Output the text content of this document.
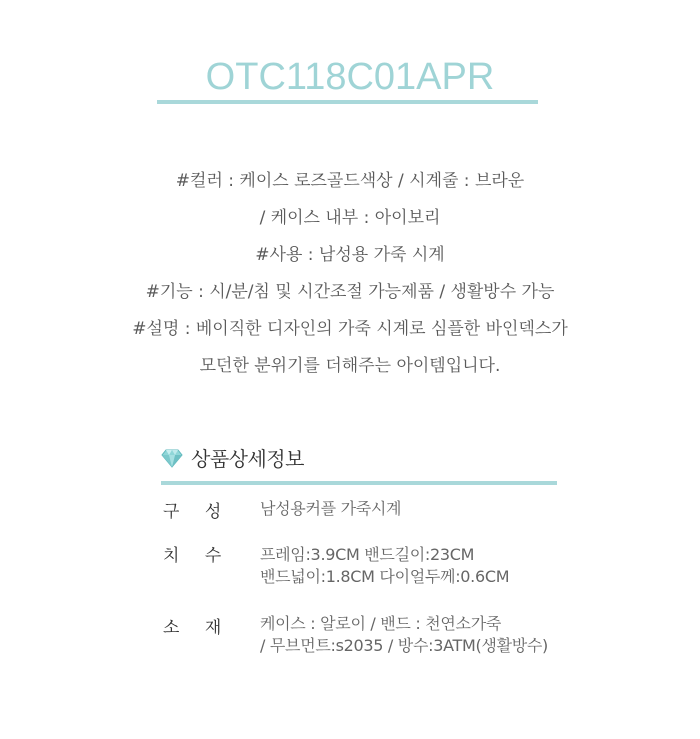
OTC118C01APR
#컬러 : 케이스 로즈골드색상 / 시계줄 : 브라운
/ 케이스 내부 : 아이보리
#사용 : 남성용 가죽 시계
#기능 : 시/분/침 및 시간조절 가능제품 / 생활방수 가능
#설명 : 베이직한 디자인의 가죽 시계로 심플한 바인덱스가
모던한 분위기를 더해주는 아이템입니다.
상품상세정보
구 성 남성용커플 가죽시계
치 수 프레임:3.9CM 밴드길이:23CM
밴드넓이:1.8CM 다이얼두께:0.6CM
소 재 케이스 : 알로이 / 밴드 : 천연소가죽
/ 무브먼트:s2035 / 방수:3ATM(생활방수)
